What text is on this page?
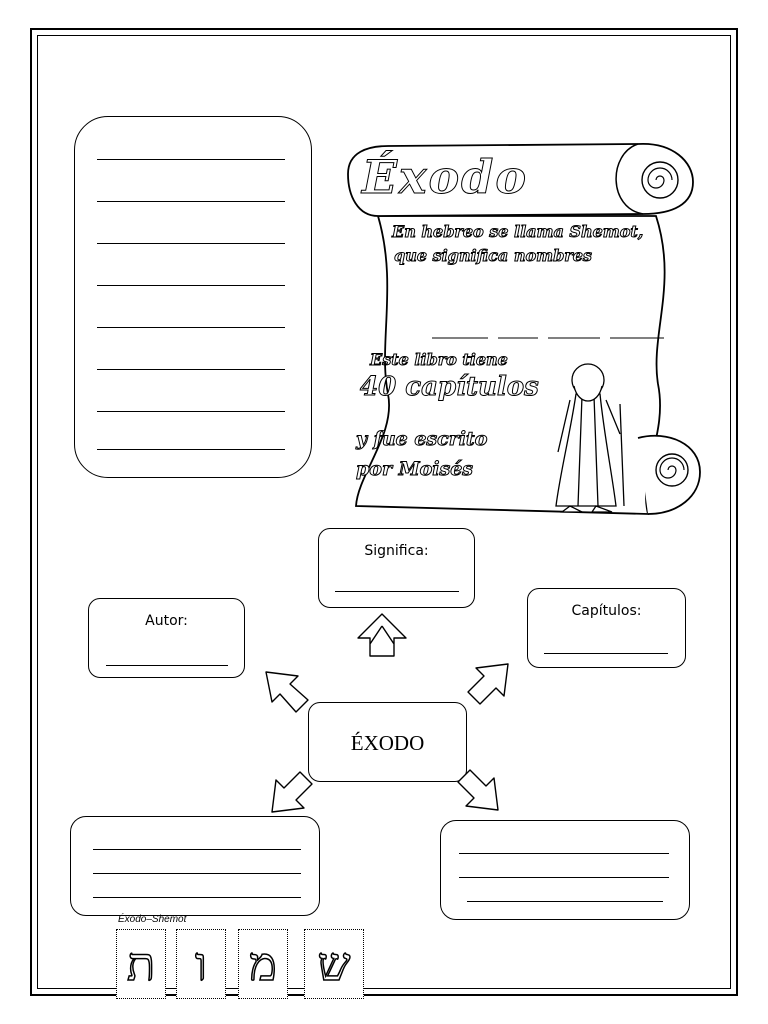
Éxodo
En hebreo se llama Shemot,
que significa nombres
Este libro tiene
40 capítulos
y fue escrito
por Moisés
Significa:
Autor:
Capítulos:
ÉXODO
Éxodo–Shemot
ת ו מ ש
